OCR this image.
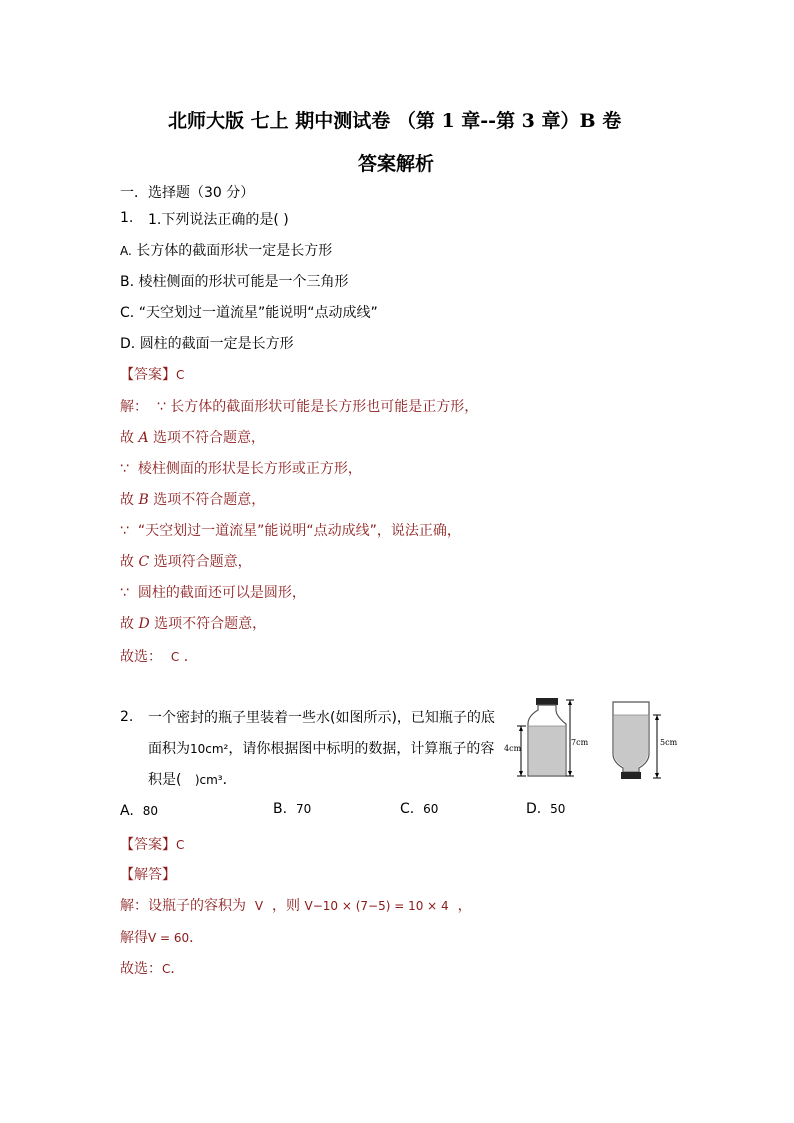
北师大版 七上 期中测试卷 （第 1 章--第 3 章）B 卷
答案解析
一．选择题（30 分）
1. 1.下列说法正确的是( )
A. 长方体的截面形状一定是长方形
B. 棱柱侧面的形状可能是一个三角形
C. “天空划过一道流星”能说明“点动成线”
D. 圆柱的截面一定是长方形
【答案】C
解： ∵ 长方体的截面形状可能是长方形也可能是正方形，
故 A 选项不符合题意，
∵ 棱柱侧面的形状是长方形或正方形，
故 B 选项不符合题意，
∵ “天空划过一道流星”能说明“点动成线”，说法正确，
故 C 选项符合题意，
∵ 圆柱的截面还可以是圆形，
故 D 选项不符合题意，
故选： C ．
2. 一个密封的瓶子里装着一些水(如图所示)，已知瓶子的底
面积为10cm²，请你根据图中标明的数据，计算瓶子的容
积是( )cm³．
4cm
7cm	5cm
A. 80	B. 70	C. 60	D. 50
【答案】C
【解答】
解：设瓶子的容积为 V ，则 V−10 × (7−5) = 10 × 4 ，
解得V = 60．
故选：C．
